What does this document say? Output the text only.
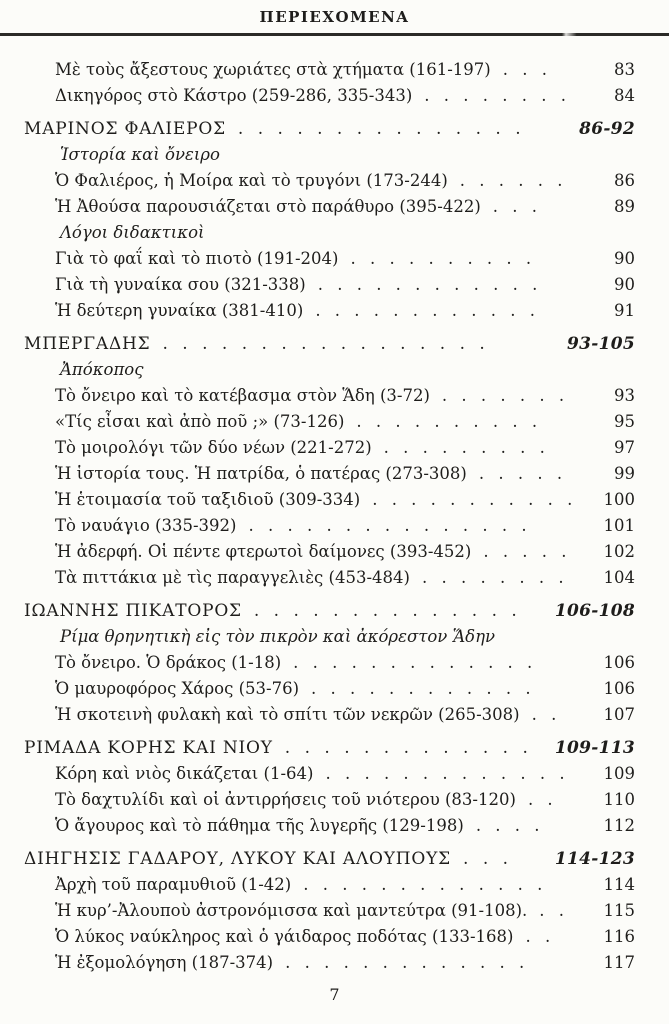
ΠΕΡΙΕΧΟΜΕΝΑ
Μὲ τοὺς ἄξεστους χωριάτες στὰ χτήματα (161-197) . . .	83
Δικηγόρος στὸ Κάστρο (259-286, 335-343) . . . . . . . .	84
ΜΑΡΙΝΟΣ ΦΑΛΙΕΡΟΣ . . . . . . . . . . . . . . .	86-92
Ἱστορία καὶ ὄνειρο
Ὁ Φαλιέρος, ἡ Μοίρα καὶ τὸ τρυγόνι (173-244) . . . . . .	86
Ἡ Ἀθούσα παρουσιάζεται στὸ παράθυρο (395-422) . . .	89
Λόγοι διδακτικοὶ
Γιὰ τὸ φαΐ καὶ τὸ πιοτὸ (191-204) . . . . . . . . . .	90
Γιὰ τὴ γυναίκα σου (321-338) . . . . . . . . . . . .	90
Ἡ δεύτερη γυναίκα (381-410) . . . . . . . . . . . .	91
ΜΠΕΡΓΑΔΗΣ . . . . . . . . . . . . . . . . .	93-105
Ἀπόκοπος
Τὸ ὄνειρο καὶ τὸ κατέβασμα στὸν Ἅδη (3-72) . . . . . . .	93
«Τίς εἶσαι καὶ ἀπὸ ποῦ ;» (73-126) . . . . . . . . . .	95
Τὸ μοιρολόγι τῶν δύο νέων (221-272) . . . . . . . . .	97
Ἡ ἱστορία τους. Ἡ πατρίδα, ὁ πατέρας (273-308) . . . . .	99
Ἡ ἑτοιμασία τοῦ ταξιδιοῦ (309-334) . . . . . . . . . . .	100
Τὸ ναυάγιο (335-392) . . . . . . . . . . . . . . .	101
Ἡ ἀδερφή. Οἱ πέντε φτερωτοὶ δαίμονες (393-452) . . . . .	102
Τὰ πιττάκια μὲ τὶς παραγγελιὲς (453-484) . . . . . . . .	104
ΙΩΑΝΝΗΣ ΠΙΚΑΤΟΡΟΣ . . . . . . . . . . . . . .	106-108
Ρίμα θρηνητικὴ εἰς τὸν πικρὸν καὶ ἀκόρεστον Ἅδην
Τὸ ὄνειρο. Ὁ δράκος (1-18) . . . . . . . . . . . . .	106
Ὁ μαυροφόρος Χάρος (53-76) . . . . . . . . . . . .	106
Ἡ σκοτεινὴ φυλακὴ καὶ τὸ σπίτι τῶν νεκρῶν (265-308) . .	107
ΡΙΜΑΔΑ ΚΟΡΗΣ ΚΑΙ ΝΙΟΥ . . . . . . . . . . . . .	109-113
Κόρη καὶ νιὸς δικάζεται (1-64) . . . . . . . . . . . . .	109
Τὸ δαχτυλίδι καὶ οἱ ἀντιρρήσεις τοῦ νιότερου (83-120) . .	110
Ὁ ἄγουρος καὶ τὸ πάθημα τῆς λυγερῆς (129-198) . . . .	112
ΔΙΗΓΗΣΙΣ ΓΑΔΑΡΟΥ, ΛΥΚΟΥ ΚΑΙ ΑΛΟΥΠΟΥΣ . . .	114-123
Ἀρχὴ τοῦ παραμυθιοῦ (1-42) . . . . . . . . . . . . .	114
Ἡ κυρ’-Ἀλουποὺ ἀστρονόμισσα καὶ μαντεύτρα (91-108). . .	115
Ὁ λύκος ναύκληρος καὶ ὁ γάιδαρος ποδότας (133-168) . .	116
Ἡ ἐξομολόγηση (187-374) . . . . . . . . . . . . .	117
7
